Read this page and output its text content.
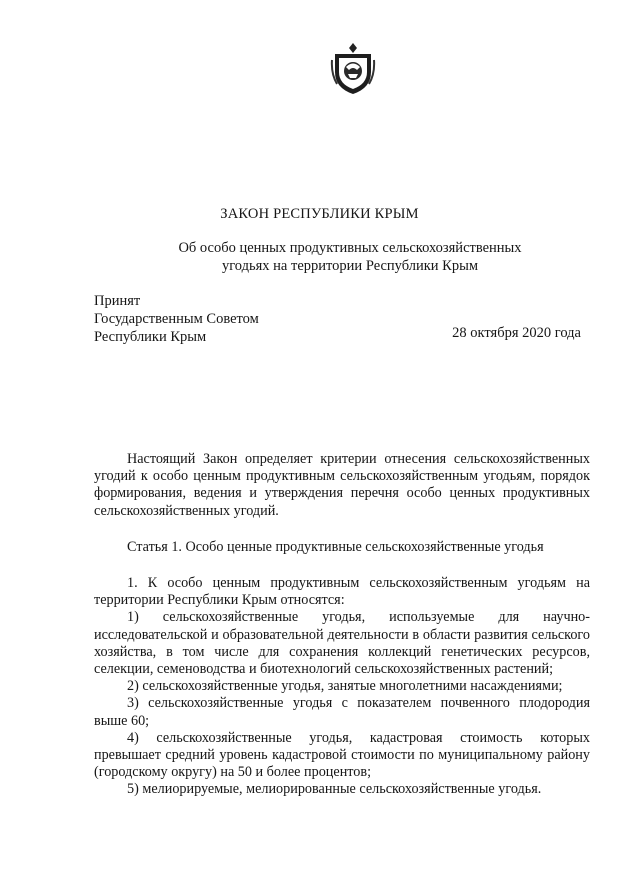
ЗАКОН РЕСПУБЛИКИ КРЫМ
Об особо ценных продуктивных сельскохозяйственных
угодьях на территории Республики Крым
Принят
Государственным Советом
Республики Крым	28 октября 2020 года

Настоящий Закон определяет критерии отнесения сельскохозяйственных угодий к особо ценным продуктивным сельскохозяйственным угодьям, порядок формирования, ведения и утверждения перечня особо ценных продуктивных сельскохозяйственных угодий.

Статья 1. Особо ценные продуктивные сельскохозяйственные угодья

1. К особо ценным продуктивным сельскохозяйственным угодьям на территории Республики Крым относятся:

1) сельскохозяйственные угодья, используемые для научно-исследовательской и образовательной деятельности в области развития сельского хозяйства, в том числе для сохранения коллекций генетических ресурсов, селекции, семеноводства и биотехнологий сельскохозяйственных растений;

2) сельскохозяйственные угодья, занятые многолетними насаждениями;

3) сельскохозяйственные угодья с показателем почвенного плодородия выше 60;

4) сельскохозяйственные угодья, кадастровая стоимость которых превышает средний уровень кадастровой стоимости по муниципальному району (городскому округу) на 50 и более процентов;

5) мелиорируемые, мелиорированные сельскохозяйственные угодья.
